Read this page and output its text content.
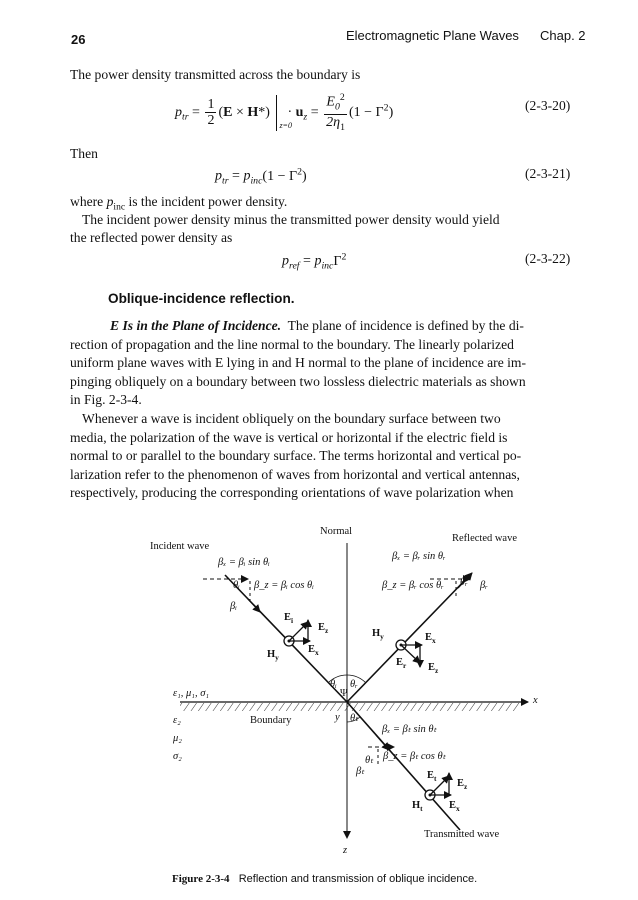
26	Electromagnetic Plane Waves Chap. 2
The power density transmitted across the boundary is
$p_{tr} = \frac{1}{2} (E \times H*)$
z=0
· $u_z = \frac{E_0^2}{2\eta_1} (1 - \Gamma^2)$	(2-3-20)
Then
$p_{tr} = p_{inc}(1 - \Gamma^2)$	(2-3-21)
where $p_{inc}$ is the incident power density.
The incident power density minus the transmitted power density would yield
the reflected power density as
$p_{ref} = p_{inc}\Gamma^2$	(2-3-22)
Oblique-incidence reflection.
E Is in the Plane of Incidence. The plane of incidence is defined by the di-
rection of propagation and the line normal to the boundary. The linearly polarized
uniform plane waves with E lying in and H normal to the plane of incidence are im-
pinging obliquely on a boundary between two lossless dielectric materials as shown
in Fig. 2-3-4.
Whenever a wave is incident obliquely on the boundary surface between two
media, the polarization of the wave is vertical or horizontal if the electric field is
normal to or parallel to the boundary surface. The terms horizontal and vertical po-
larization refer to the phenomenon of waves from horizontal and vertical antennas,
respectively, producing the corresponding orientations of wave polarization when
Normal
Incident wave
Reflected wave
βₓ = βᵢ sin θᵢ
θᵢ β_z = βᵢ cos θᵢ
βᵢ
$E_i$
$E_z$
$E_x$
$H_y$
βₓ = βᵣ sin θᵣ
β_z = βᵣ cos θᵣ θᵣ βᵣ
$H_y$	$E_x$
$E_r$ $E_z$
θᵢ θᵣ
Ψ
x
ε₁, μ₁, σ₁
ε₂
μ₂
σ₂
Boundary	y θₜ
βₓ = βₜ sin θₜ
β_z = βₜ cos θₜ
θₜ
βₜ	$E_t$ $E_z$
$H_t$	$E_x$
Transmitted wave
z
Figure 2-3-4 Reflection and transmission of oblique incidence.
